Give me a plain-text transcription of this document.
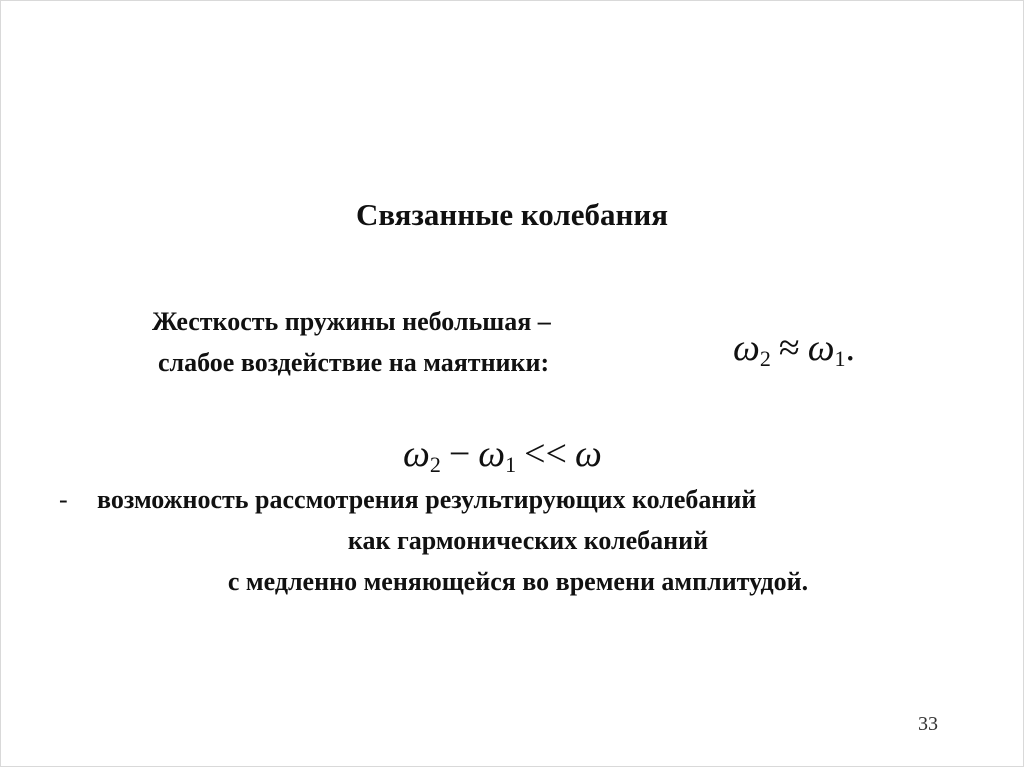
Связанные колебания
Жесткость пружины небольшая –
слабое воздействие на маятники:	$\omega_2 \approx \omega_1$.
$\omega_2 - \omega_1 << \omega$
- возможность рассмотрения результирующих колебаний
как гармонических колебаний
с медленно меняющейся во времени амплитудой.
33
